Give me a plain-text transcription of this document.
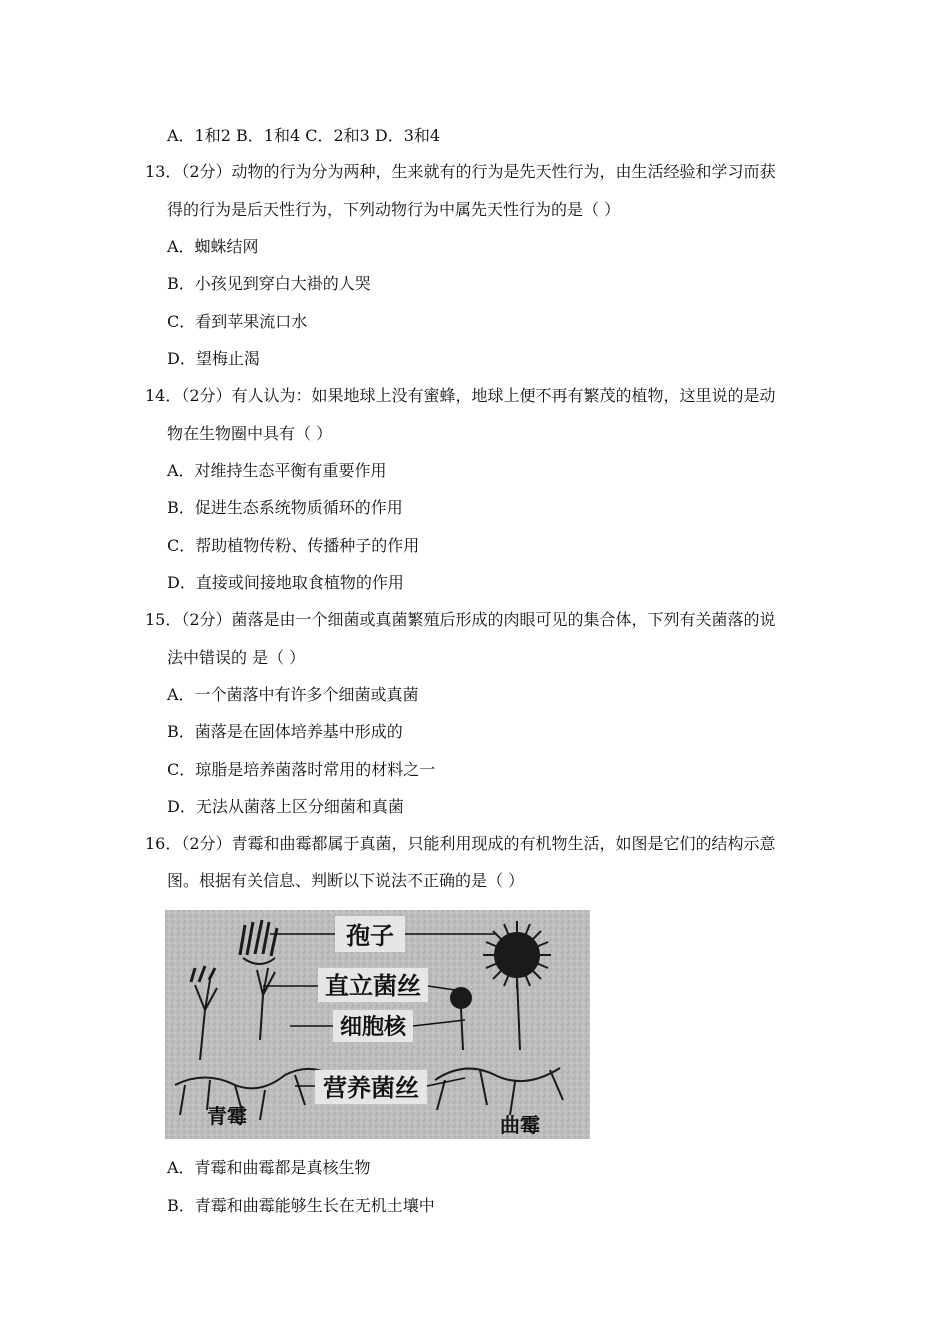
A．1和2 B．1和4 C．2和3 D．3和4
13．（2分）动物的行为分为两种，生来就有的行为是先天性行为，由生活经验和学习而获
得的行为是后天性行为，下列动物行为中属先天性行为的是（ ）
A．蜘蛛结网
B．小孩见到穿白大褂的人哭
C．看到苹果流口水
D．望梅止渴
14．（2分）有人认为：如果地球上没有蜜蜂，地球上便不再有繁茂的植物，这里说的是动
物在生物圈中具有（ ）
A．对维持生态平衡有重要作用
B．促进生态系统物质循环的作用
C．帮助植物传粉、传播种子的作用
D．直接或间接地取食植物的作用
15．（2分）菌落是由一个细菌或真菌繁殖后形成的肉眼可见的集合体，下列有关菌落的说
法中错误的 是（ ）
A．一个菌落中有许多个细菌或真菌
B．菌落是在固体培养基中形成的
C．琼脂是培养菌落时常用的材料之一
D．无法从菌落上区分细菌和真菌
16．（2分）青霉和曲霉都属于真菌，只能利用现成的有机物生活，如图是它们的结构示意
图。根据有关信息、判断以下说法不正确的是（ ）
孢子
直立菌丝
细胞核
营养菌丝
青霉	曲霉
A．青霉和曲霉都是真核生物
B．青霉和曲霉能够生长在无机土壤中
